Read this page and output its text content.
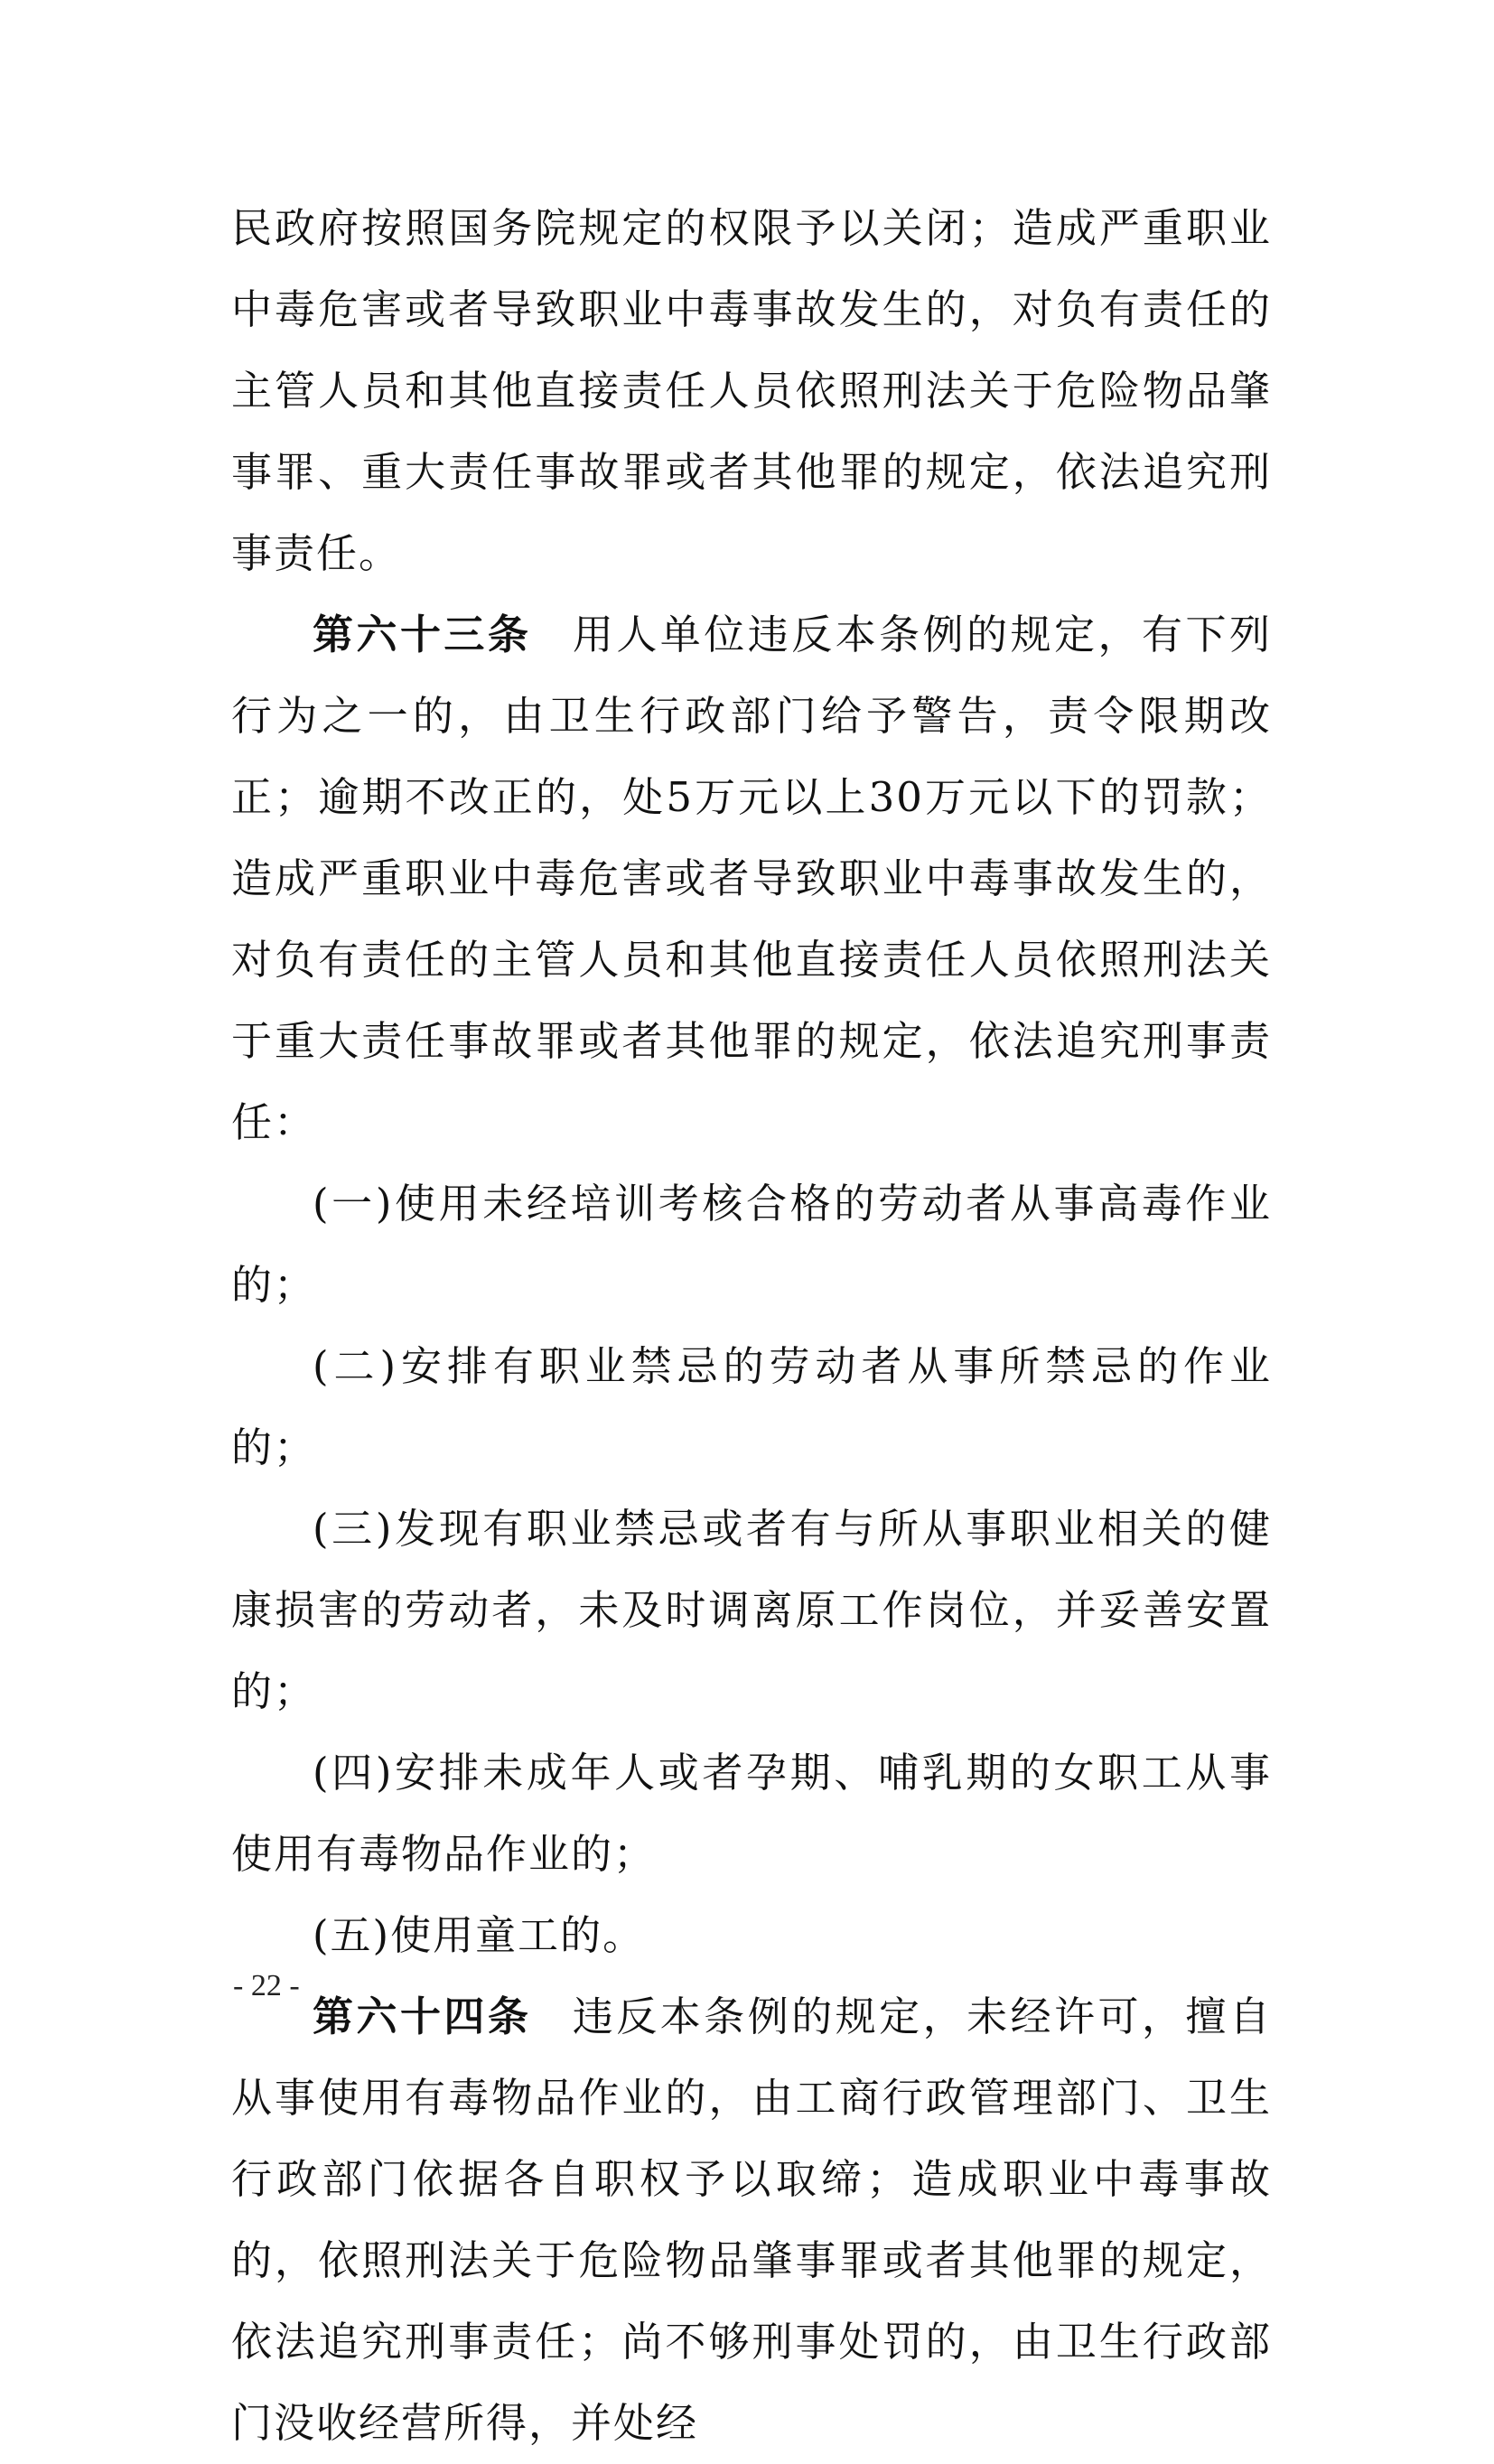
民政府按照国务院规定的权限予以关闭；造成严重职业中毒危害或者导致职业中毒事故发生的，对负有责任的主管人员和其他直接责任人员依照刑法关于危险物品肇事罪、重大责任事故罪或者其他罪的规定，依法追究刑事责任。

第六十三条 用人单位违反本条例的规定，有下列行为之一的，由卫生行政部门给予警告，责令限期改正；逾期不改正的，处5万元以上30万元以下的罚款；造成严重职业中毒危害或者导致职业中毒事故发生的，对负有责任的主管人员和其他直接责任人员依照刑法关于重大责任事故罪或者其他罪的规定，依法追究刑事责任：

(一)使用未经培训考核合格的劳动者从事高毒作业的；

(二)安排有职业禁忌的劳动者从事所禁忌的作业的；

(三)发现有职业禁忌或者有与所从事职业相关的健康损害的劳动者，未及时调离原工作岗位，并妥善安置的；

(四)安排未成年人或者孕期、哺乳期的女职工从事使用有毒物品作业的；

(五)使用童工的。

第六十四条 违反本条例的规定，未经许可，擅自从事使用有毒物品作业的，由工商行政管理部门、卫生行政部门依据各自职权予以取缔；造成职业中毒事故的，依照刑法关于危险物品肇事罪或者其他罪的规定，依法追究刑事责任；尚不够刑事处罚的，由卫生行政部门没收经营所得，并处经

- 22 -
